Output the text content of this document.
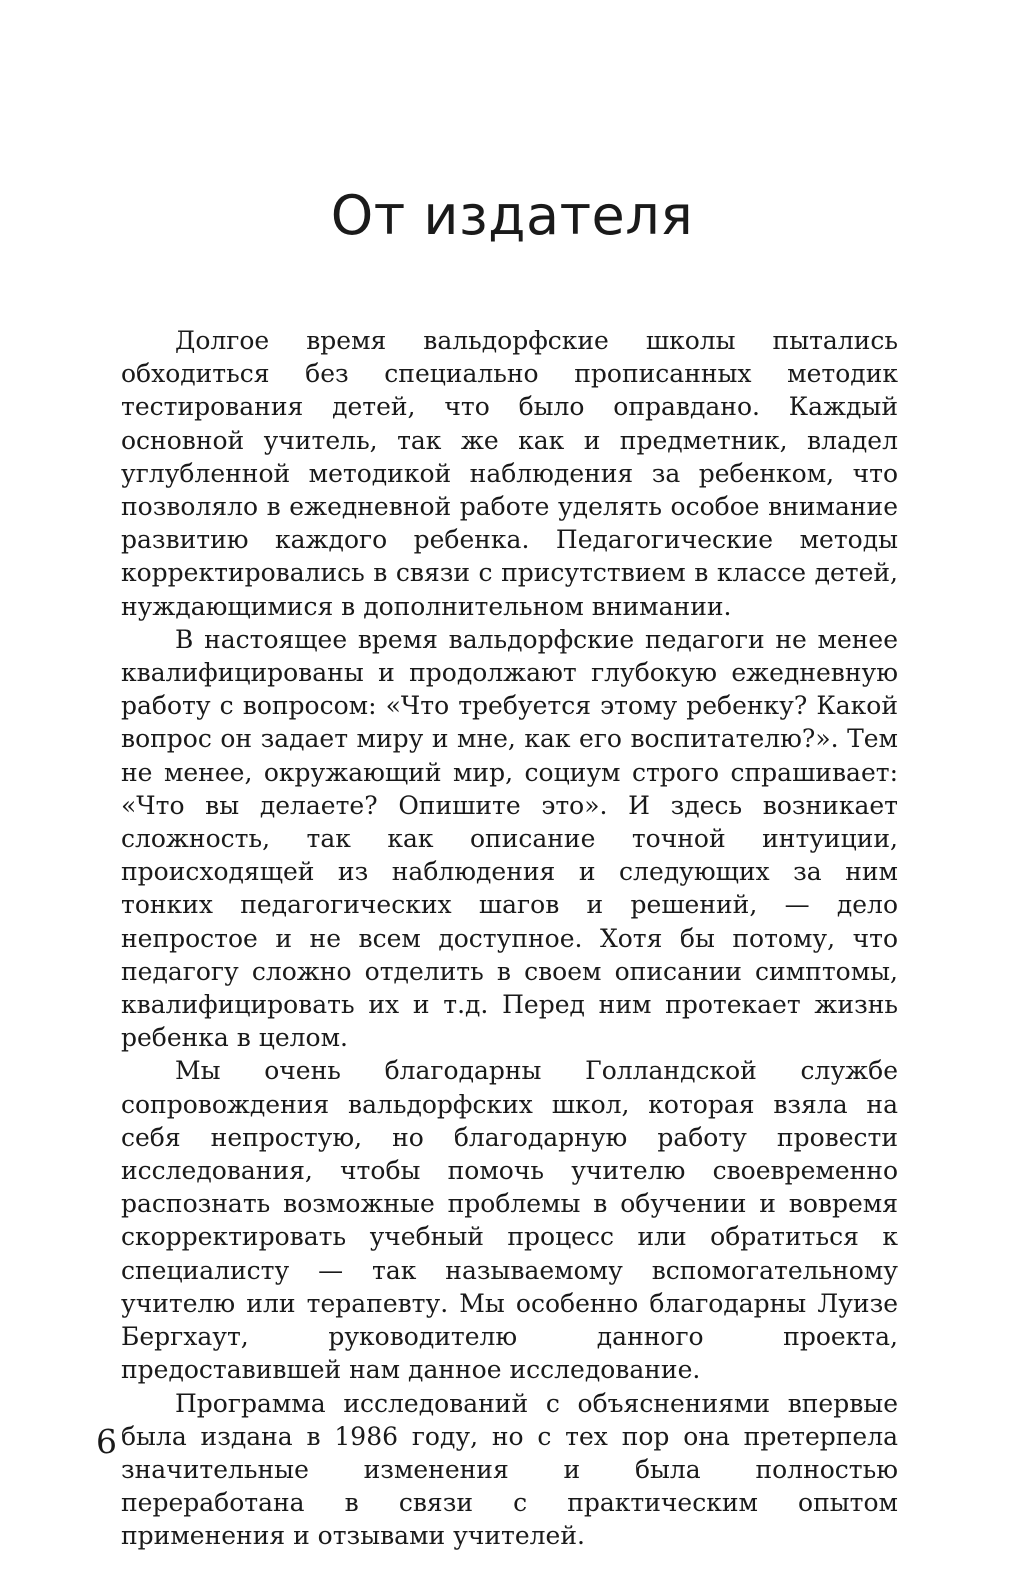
От издателя

Долгое время вальдорфские школы пытались обходиться без специально прописанных методик тестирования детей, что было оправдано. Каждый основной учитель, так же как и предметник, владел углубленной методикой наблюдения за ребенком, что позволяло в ежедневной работе уделять особое внимание развитию каждого ребенка. Педагогические методы корректировались в связи с присутствием в классе детей, нуждающимися в дополнительном внимании.

В настоящее время вальдорфские педагоги не менее квалифицированы и продолжают глубокую ежедневную работу с вопросом: «Что требуется этому ребенку? Какой вопрос он задает миру и мне, как его воспитателю?». Тем не менее, окружающий мир, социум строго спрашивает: «Что вы делаете? Опишите это». И здесь возникает сложность, так как описание точной интуиции, происходящей из наблюдения и следующих за ним тонких педагогических шагов и решений, — дело непростое и не всем доступное. Хотя бы потому, что педагогу сложно отделить в своем описании симптомы, квалифицировать их и т.д. Перед ним протекает жизнь ребенка в целом.

Мы очень благодарны Голландской службе сопровождения вальдорфских школ, которая взяла на себя непростую, но благодарную работу провести исследования, чтобы помочь учителю своевременно распознать возможные проблемы в обучении и вовремя скорректировать учебный процесс или обратиться к специалисту — так называемому вспомогательному учителю или терапевту. Мы особенно благодарны Луизе Бергхаут, руководителю данного проекта, предоставившей нам данное исследование.

Программа исследований с объяснениями впервые была издана в 1986 году, но с тех пор она претерпела значительные изменения и была полностью переработана в связи с практическим опытом применения и отзывами учителей.

6
